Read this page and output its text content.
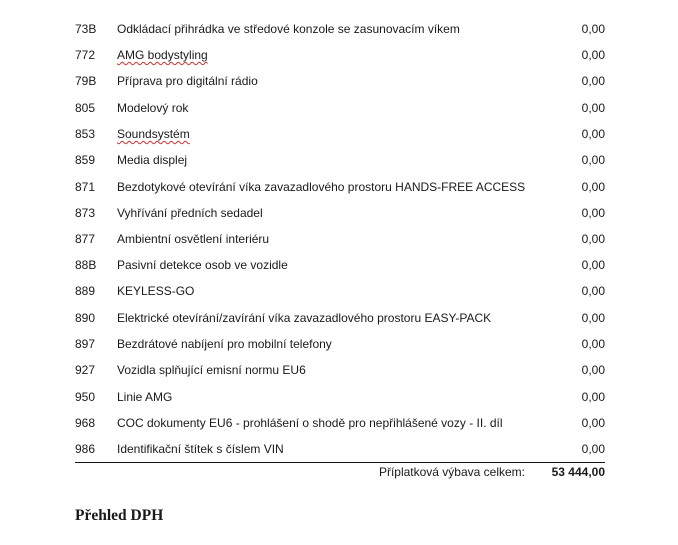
73B Odkládací přihrádka ve středové konzole se zasunovacím víkem	0,00
772 AMG bodystyling	0,00
79B Příprava pro digitální rádio	0,00
805 Modelový rok	0,00
853 Soundsystém	0,00
859 Media displej	0,00
871 Bezdotykové otevírání víka zavazadlového prostoru HANDS-FREE ACCESS	0,00
873 Vyhřívání předních sedadel	0,00
877 Ambientní osvětlení interiéru	0,00
88B Pasivní detekce osob ve vozidle	0,00
889 KEYLESS-GO	0,00
890 Elektrické otevírání/zavírání víka zavazadlového prostoru EASY-PACK	0,00
897 Bezdrátové nabíjení pro mobilní telefony	0,00
927 Vozidla splňující emisní normu EU6	0,00
950 Linie AMG	0,00
968 COC dokumenty EU6 - prohlášení o shodě pro nepřihlášené vozy - II. díl	0,00
986 Identifikační štítek s číslem VIN	0,00
Příplatková výbava celkem: 53 444,00
Přehled DPH
